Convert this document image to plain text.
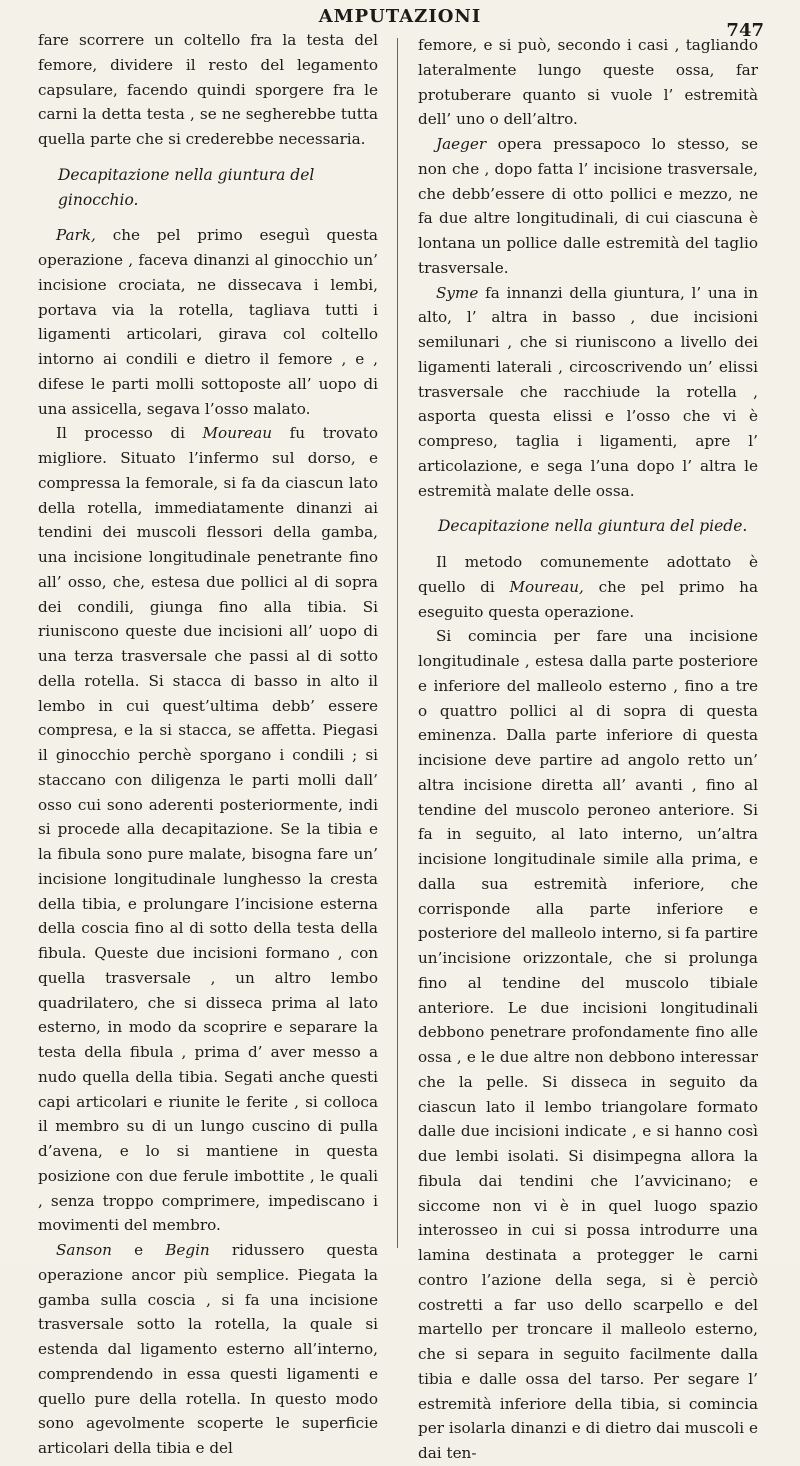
AMPUTAZIONI
747

fare scorrere un coltello fra la testa del femore, dividere il resto del legamento capsulare, facendo quindi sporgere fra le carni la detta testa , se ne segherebbe tutta quella parte che si crederebbe necessaria.

Decapitazione nella giuntura del ginocchio.

Park, che pel primo eseguì questa operazione , faceva dinanzi al ginocchio un’ incisione crociata, ne dissecava i lembi, portava via la rotella, tagliava tutti i ligamenti articolari, girava col coltello intorno ai condili e dietro il femore , e , difese le parti molli sottoposte all’ uopo di una assicella, segava l’osso malato.

Il processo di Moureau fu trovato migliore. Situato l’infermo sul dorso, e compressa la femorale, si fa da ciascun lato della rotella, immediatamente dinanzi ai tendini dei muscoli flessori della gamba, una incisione longitudinale penetrante fino all’ osso, che, estesa due pollici al di sopra dei condili, giunga fino alla tibia. Si riuniscono queste due incisioni all’ uopo di una terza trasversale che passi al di sotto della rotella. Si stacca di basso in alto il lembo in cui quest’ultima debb’ essere compresa, e la si stacca, se affetta. Piegasi il ginocchio perchè sporgano i condili ; si staccano con diligenza le parti molli dall’ osso cui sono aderenti posteriormente, indi si procede alla decapitazione. Se la tibia e la fibula sono pure malate, bisogna fare un’ incisione longitudinale lunghesso la cresta della tibia, e prolungare l’incisione esterna della coscia fino al di sotto della testa della fibula. Queste due incisioni formano , con quella trasversale , un altro lembo quadrilatero, che si disseca prima al lato esterno, in modo da scoprire e separare la testa della fibula , prima d’ aver messo a nudo quella della tibia. Segati anche questi capi articolari e riunite le ferite , si colloca il membro su di un lungo cuscino di pulla d’avena, e lo si mantiene in questa posizione con due ferule imbottite , le quali , senza troppo comprimere, impediscano i movimenti del membro.

Sanson e Begin ridussero questa operazione ancor più semplice. Piegata la gamba sulla coscia , si fa una incisione trasversale sotto la rotella, la quale si estenda dal ligamento esterno all’interno, comprendendo in essa questi ligamenti e quello pure della rotella. In questo modo sono agevolmente scoperte le superficie articolari della tibia e del

femore, e si può, secondo i casi , tagliando lateralmente lungo queste ossa, far protuberare quanto si vuole l’ estremità dell’ uno o dell’altro.

Jaeger opera pressapoco lo stesso, se non che , dopo fatta l’ incisione trasversale, che debb’essere di otto pollici e mezzo, ne fa due altre longitudinali, di cui ciascuna è lontana un pollice dalle estremità del taglio trasversale.

Syme fa innanzi della giuntura, l’ una in alto, l’ altra in basso , due incisioni semilunari , che si riuniscono a livello dei ligamenti laterali , circoscrivendo un’ elissi trasversale che racchiude la rotella , asporta questa elissi e l’osso che vi è compreso, taglia i ligamenti, apre l’ articolazione, e sega l’una dopo l’ altra le estremità malate delle ossa.

Decapitazione nella giuntura del piede.

Il metodo comunemente adottato è quello di Moureau, che pel primo ha eseguito questa operazione.

Si comincia per fare una incisione longitudinale , estesa dalla parte posteriore e inferiore del malleolo esterno , fino a tre o quattro pollici al di sopra di questa eminenza. Dalla parte inferiore di questa incisione deve partire ad angolo retto un’ altra incisione diretta all’ avanti , fino al tendine del muscolo peroneo anteriore. Si fa in seguito, al lato interno, un’altra incisione longitudinale simile alla prima, e dalla sua estremità inferiore, che corrisponde alla parte inferiore e posteriore del malleolo interno, si fa partire un’incisione orizzontale, che si prolunga fino al tendine del muscolo tibiale anteriore. Le due incisioni longitudinali debbono penetrare profondamente fino alle ossa , e le due altre non debbono interessar che la pelle. Si disseca in seguito da ciascun lato il lembo triangolare formato dalle due incisioni indicate , e si hanno così due lembi isolati. Si disimpegna allora la fibula dai tendini che l’avvicinano; e siccome non vi è in quel luogo spazio interosseo in cui si possa introdurre una lamina destinata a protegger le carni contro l’azione della sega, si è perciò costretti a far uso dello scarpello e del martello per troncare il malleolo esterno, che si separa in seguito facilmente dalla tibia e dalle ossa del tarso. Per segare l’ estremità inferiore della tibia, si comincia per isolarla dinanzi e di dietro dai muscoli e dai ten-
